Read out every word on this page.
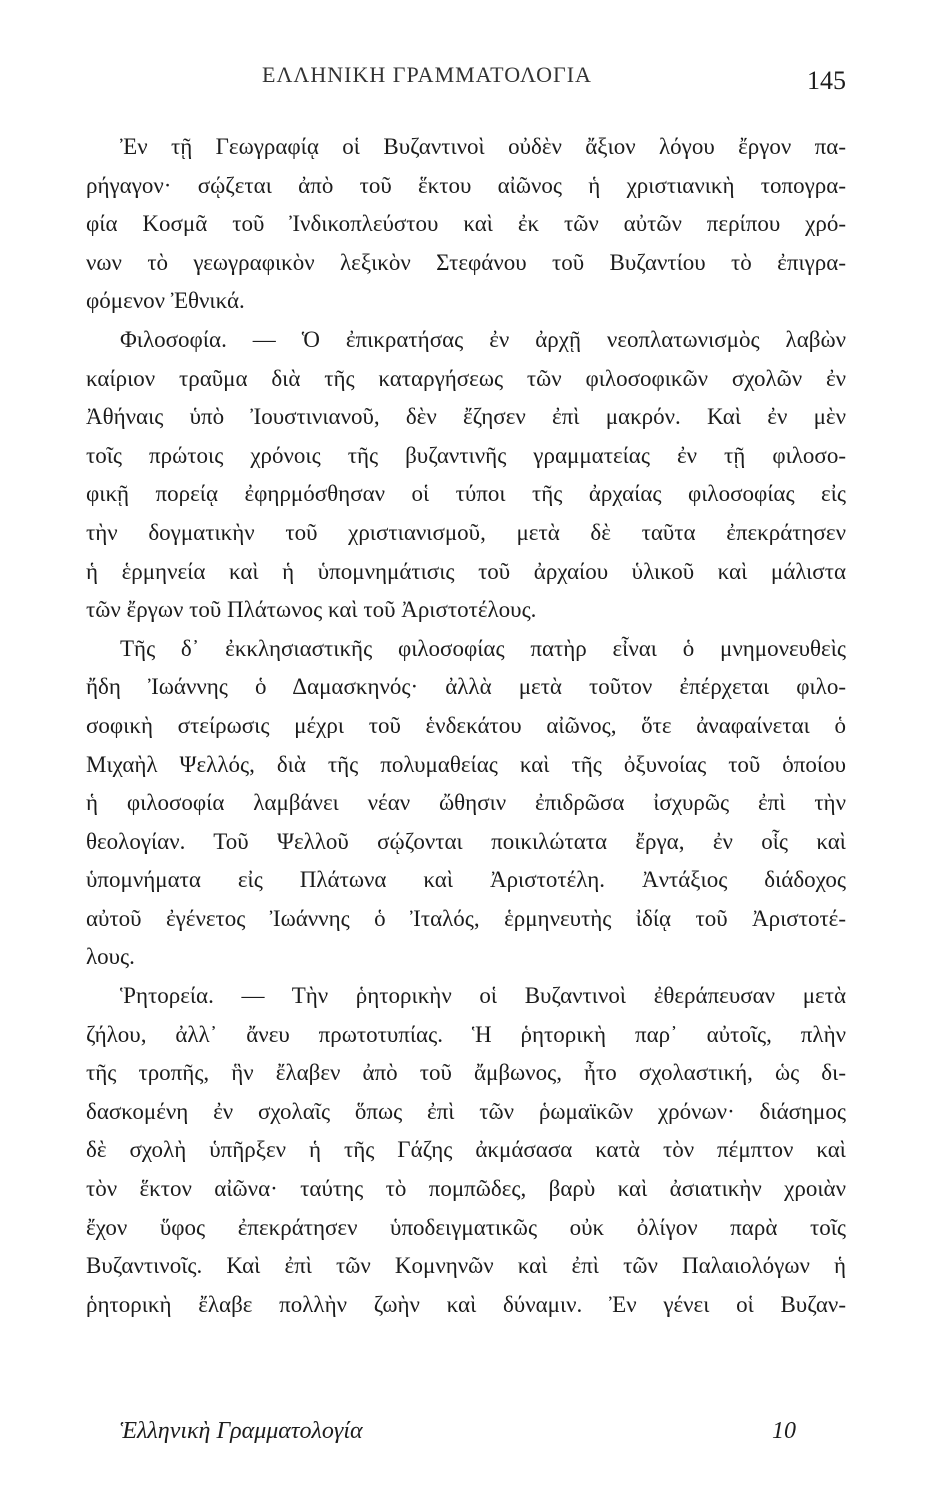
ΕΛΛΗΝΙΚΗ ΓΡΑΜΜΑΤΟΛΟΓΙΑ	145
Ἐν τῇ Γεωγραφίᾳ οἱ Βυζαντινοὶ οὐδὲν ἄξιον λόγου ἔργον πα-
ρήγαγον· σῴζεται ἀπὸ τοῦ ἕκτου αἰῶνος ἡ χριστιανικὴ τοπογρα-
φία Κοσμᾶ τοῦ Ἰνδικοπλεύστου καὶ ἐκ τῶν αὐτῶν περίπου χρό-
νων τὸ γεωγραφικὸν λεξικὸν Στεφάνου τοῦ Βυζαντίου τὸ ἐπιγρα-
φόμενον Ἐθνικά.
Φιλοσοφία. — Ὁ ἐπικρατήσας ἐν ἀρχῇ νεοπλατωνισμὸς λαβὼν
καίριον τραῦμα διὰ τῆς καταργήσεως τῶν φιλοσοφικῶν σχολῶν ἐν
Ἀθήναις ὑπὸ Ἰουστινιανοῦ, δὲν ἔζησεν ἐπὶ μακρόν. Καὶ ἐν μὲν
τοῖς πρώτοις χρόνοις τῆς βυζαντινῆς γραμματείας ἐν τῇ φιλοσο-
φικῇ πορείᾳ ἐφηρμόσθησαν οἱ τύποι τῆς ἀρχαίας φιλοσοφίας εἰς
τὴν δογματικὴν τοῦ χριστιανισμοῦ, μετὰ δὲ ταῦτα ἐπεκράτησεν
ἡ ἑρμηνεία καὶ ἡ ὑπομνημάτισις τοῦ ἀρχαίου ὑλικοῦ καὶ μάλιστα
τῶν ἔργων τοῦ Πλάτωνος καὶ τοῦ Ἀριστοτέλους.
Τῆς δ᾽ ἐκκλησιαστικῆς φιλοσοφίας πατὴρ εἶναι ὁ μνημονευθεὶς
ἤδη Ἰωάννης ὁ Δαμασκηνός· ἀλλὰ μετὰ τοῦτον ἐπέρχεται φιλο-
σοφικὴ στείρωσις μέχρι τοῦ ἑνδεκάτου αἰῶνος, ὅτε ἀναφαίνεται ὁ
Μιχαὴλ Ψελλός, διὰ τῆς πολυμαθείας καὶ τῆς ὀξυνοίας τοῦ ὁποίου
ἡ φιλοσοφία λαμβάνει νέαν ὤθησιν ἐπιδρῶσα ἰσχυρῶς ἐπὶ τὴν
θεολογίαν. Τοῦ Ψελλοῦ σῴζονται ποικιλώτατα ἔργα, ἐν οἷς καὶ
ὑπομνήματα εἰς Πλάτωνα καὶ Ἀριστοτέλη. Ἀντάξιος διάδοχος
αὐτοῦ ἐγένετος Ἰωάννης ὁ Ἰταλός, ἑρμηνευτὴς ἰδίᾳ τοῦ Ἀριστοτέ-
λους.
Ῥητορεία. — Τὴν ῥητορικὴν οἱ Βυζαντινοὶ ἐθεράπευσαν μετὰ
ζήλου, ἀλλ᾽ ἄνευ πρωτοτυπίας. Ἡ ῥητορικὴ παρ᾽ αὐτοῖς, πλὴν
τῆς τροπῆς, ἣν ἔλαβεν ἀπὸ τοῦ ἄμβωνος, ἦτο σχολαστική, ὡς δι-
δασκομένη ἐν σχολαῖς ὅπως ἐπὶ τῶν ῥωμαϊκῶν χρόνων· διάσημος
δὲ σχολὴ ὑπῆρξεν ἡ τῆς Γάζης ἀκμάσασα κατὰ τὸν πέμπτον καὶ
τὸν ἕκτον αἰῶνα· ταύτης τὸ πομπῶδες, βαρὺ καὶ ἀσιατικὴν χροιὰν
ἔχον ὕφος ἐπεκράτησεν ὑποδειγματικῶς οὐκ ὀλίγον παρὰ τοῖς
Βυζαντινοῖς. Καὶ ἐπὶ τῶν Κομνηνῶν καὶ ἐπὶ τῶν Παλαιολόγων ἡ
ῥητορικὴ ἔλαβε πολλὴν ζωὴν καὶ δύναμιν. Ἐν γένει οἱ Βυζαν-
Ἑλληνικὴ Γραμματολογία	10
